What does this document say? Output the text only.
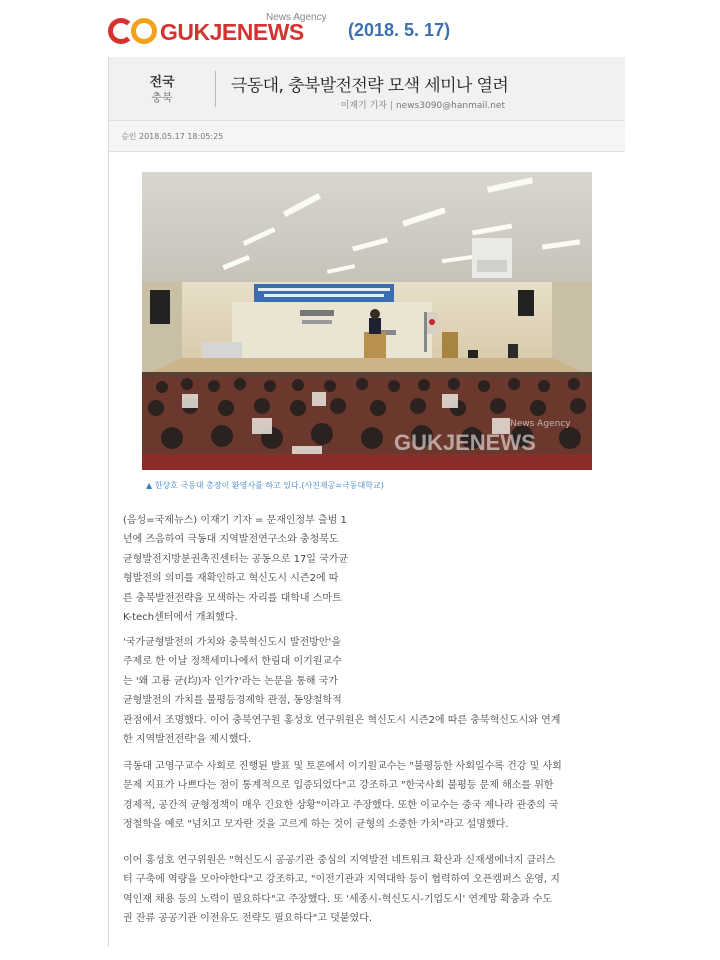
News Agency
GUKJENEWS (2018. 5. 17)
전국
충북
극동대, 충북발전전략 모색 세미나 열려
이재기 기자 news3090@hanmail.net
승인 2018.05.17 18:05:25
GUKJENEWS
News Agency
▲ 한상호 극동대 총장이 환영사를 하고 있다.(사진제공=극동대학교)

(음성=국제뉴스) 이재기 기자 = 문재인정부 출범 1
년에 즈음하여 극동대 지역발전연구소와 충청북도
균형발전지방분권촉진센터는 공동으로 17일 국가균
형발전의 의미를 재확인하고 혁신도시 시즌2에 따
른 충북발전전략을 모색하는 자리를 대학내 스마트
K-tech센터에서 개최했다.

'국가균형발전의 가치와 충북혁신도시 발전방안'을
주제로 한 이날 정책세미나에서 한림대 이기원교수
는 '왜 고룡 균(均)자 인가?'라는 논문을 통해 국가
균형발전의 가치를 불평등경제학 관점, 동양철학적
관점에서 조명했다. 이어 충북연구원 홍성호 연구위원은 혁신도시 시즌2에 따른 충북혁신도시와 연계
한 지역발전전략'을 제시했다.

극동대 고영구교수 사회로 진행된 발표 및 토론에서 이기원교수는 "불평등한 사회일수록 건강 및 사회
문제 지표가 나쁘다는 점이 통계적으로 입증되었다"고 강조하고 "한국사회 불평등 문제 해소를 위한
경제적, 공간적 균형정책이 매우 긴요한 상황"이라고 주장했다. 또한 이교수는 중국 제나라 관중의 국
정철학을 예로 "넘치고 모자란 것을 고르게 하는 것이 균형의 소중한 가치"라고 설명했다.

이어 홍성호 연구위원은 "혁신도시 공공기관 중심의 지역발전 네트워크 확산과 신재생에너지 클러스
터 구축에 역량을 모아야한다"고 강조하고, "이전기관과 지역대학 등이 협력하여 오픈캠퍼스 운영, 지
역인재 채용 등의 노력이 필요하다"고 주장했다. 또 '세종시-혁신도시-기업도시' 연계망 확충과 수도
권 잔류 공공기관 이전유도 전략도 필요하다"고 덧붙였다.
